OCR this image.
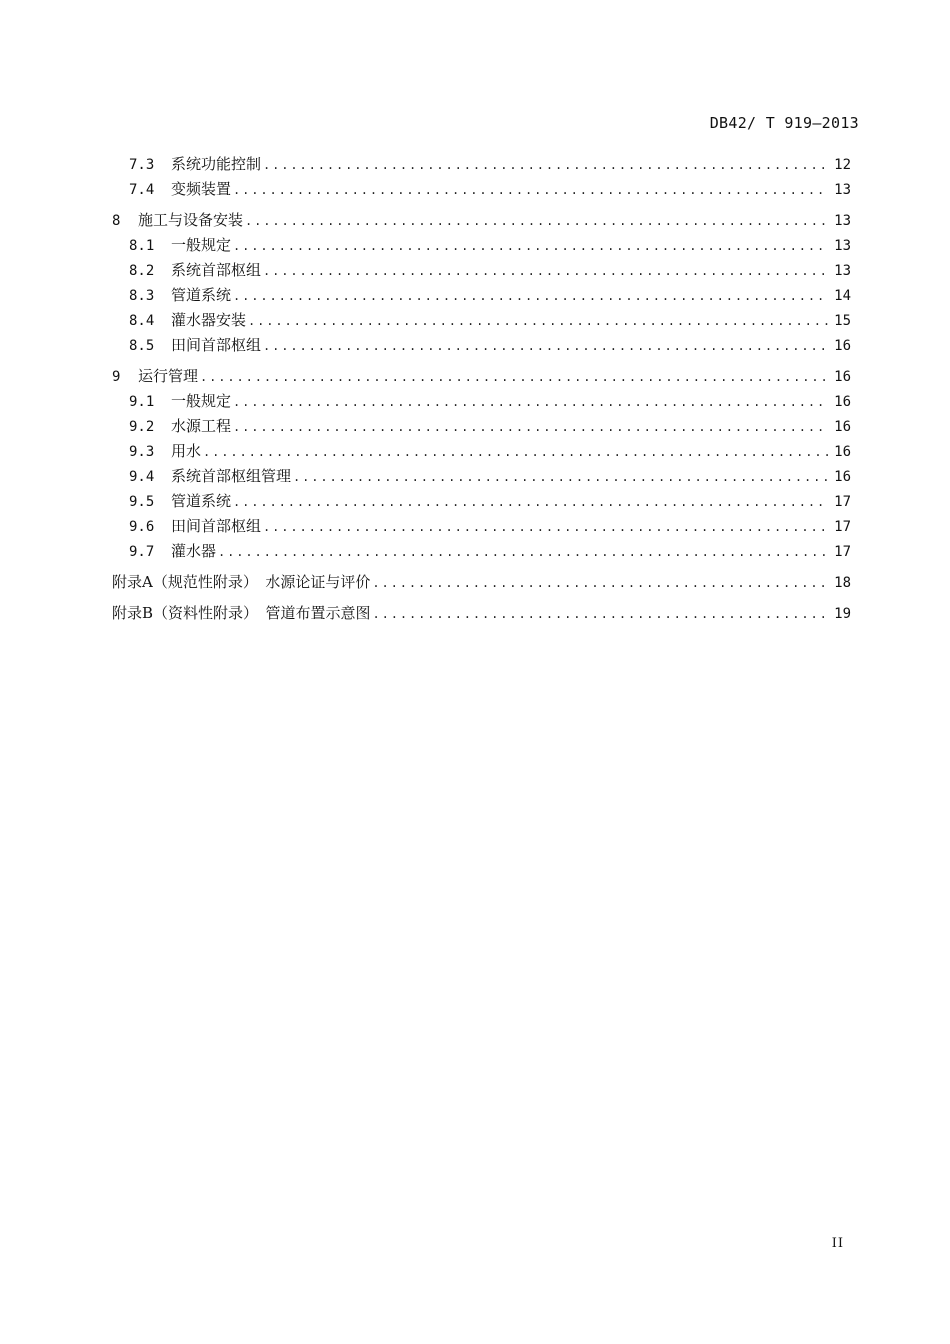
DB42/ T 919—2013
7.3 系统功能控制 .....	12
7.4 变频装置 .....	13
8	施工与设备安装 .....	13
8.1 一般规定 .....	13
8.2 系统首部枢组 .....	13
8.3 管道系统 .....	14
8.4 灌水器安装 .....	15
8.5 田间首部枢组 .....	16
9	运行管理 .....	16
9.1 一般规定 .....	16
9.2 水源工程 .....	16
9.3 用水 .....	16
9.4 系统首部枢组管理 .....	16
9.5 管道系统 .....	17
9.6 田间首部枢组 .....	17
9.7 灌水器 .....	17
附录A（规范性附录）　水源论证与评价 .....	18
附录B（资料性附录）　管道布置示意图 .....	19
II
